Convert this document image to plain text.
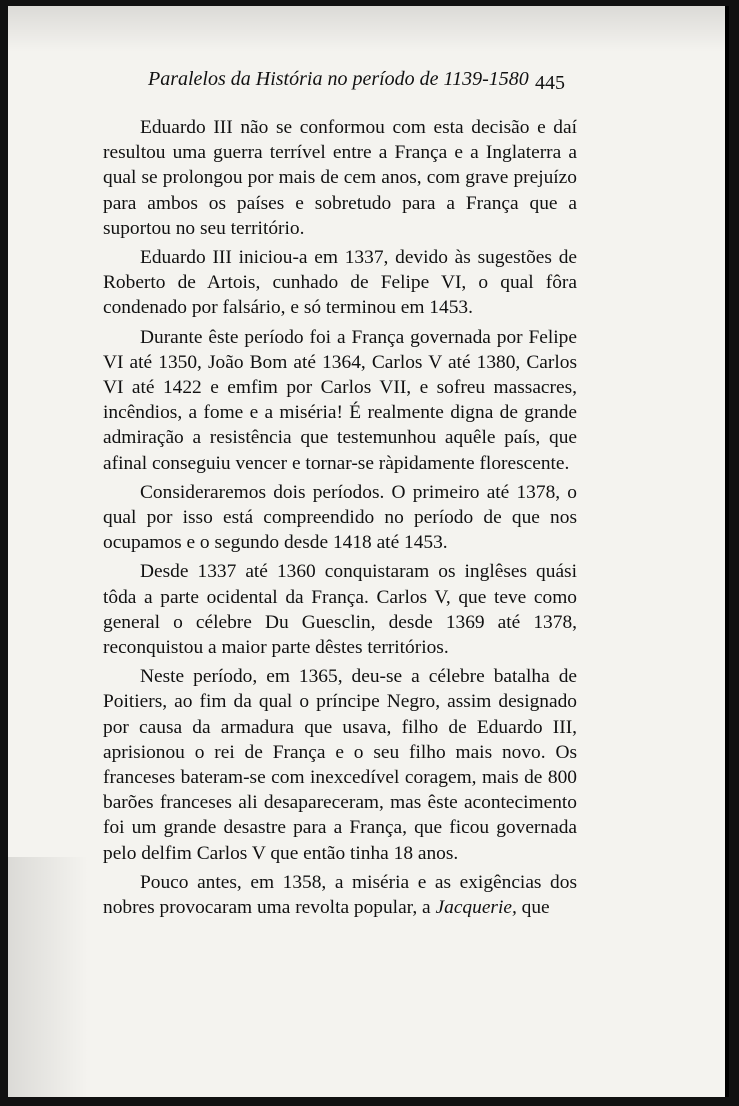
Paralelos da História no período de 1139-1580 445

Eduardo III não se conformou com esta decisão e daí resultou uma guerra terrível entre a França e a Inglaterra a qual se prolongou por mais de cem anos, com grave prejuízo para ambos os países e sobretudo para a França que a suportou no seu território.

Eduardo III iniciou-a em 1337, devido às sugestões de Roberto de Artois, cunhado de Felipe VI, o qual fôra condenado por falsário, e só terminou em 1453.

Durante êste período foi a França governada por Felipe VI até 1350, João Bom até 1364, Carlos V até 1380, Carlos VI até 1422 e emfim por Carlos VII, e sofreu massacres, incêndios, a fome e a miséria! É realmente digna de grande admiração a resistência que testemunhou aquêle país, que afinal conseguiu vencer e tornar-se ràpidamente florescente.

Consideraremos dois períodos. O primeiro até 1378, o qual por isso está compreendido no período de que nos ocupamos e o segundo desde 1418 até 1453.

Desde 1337 até 1360 conquistaram os inglêses quási tôda a parte ocidental da França. Carlos V, que teve como general o célebre Du Guesclin, desde 1369 até 1378, reconquistou a maior parte dêstes territórios.

Neste período, em 1365, deu-se a célebre batalha de Poitiers, ao fim da qual o príncipe Negro, assim designado por causa da armadura que usava, filho de Eduardo III, aprisionou o rei de França e o seu filho mais novo. Os franceses bateram-se com inexcedível coragem, mais de 800 barões franceses ali desapareceram, mas êste acontecimento foi um grande desastre para a França, que ficou governada pelo delfim Carlos V que então tinha 18 anos.

Pouco antes, em 1358, a miséria e as exigências dos nobres provocaram uma revolta popular, a Jacquerie, que
